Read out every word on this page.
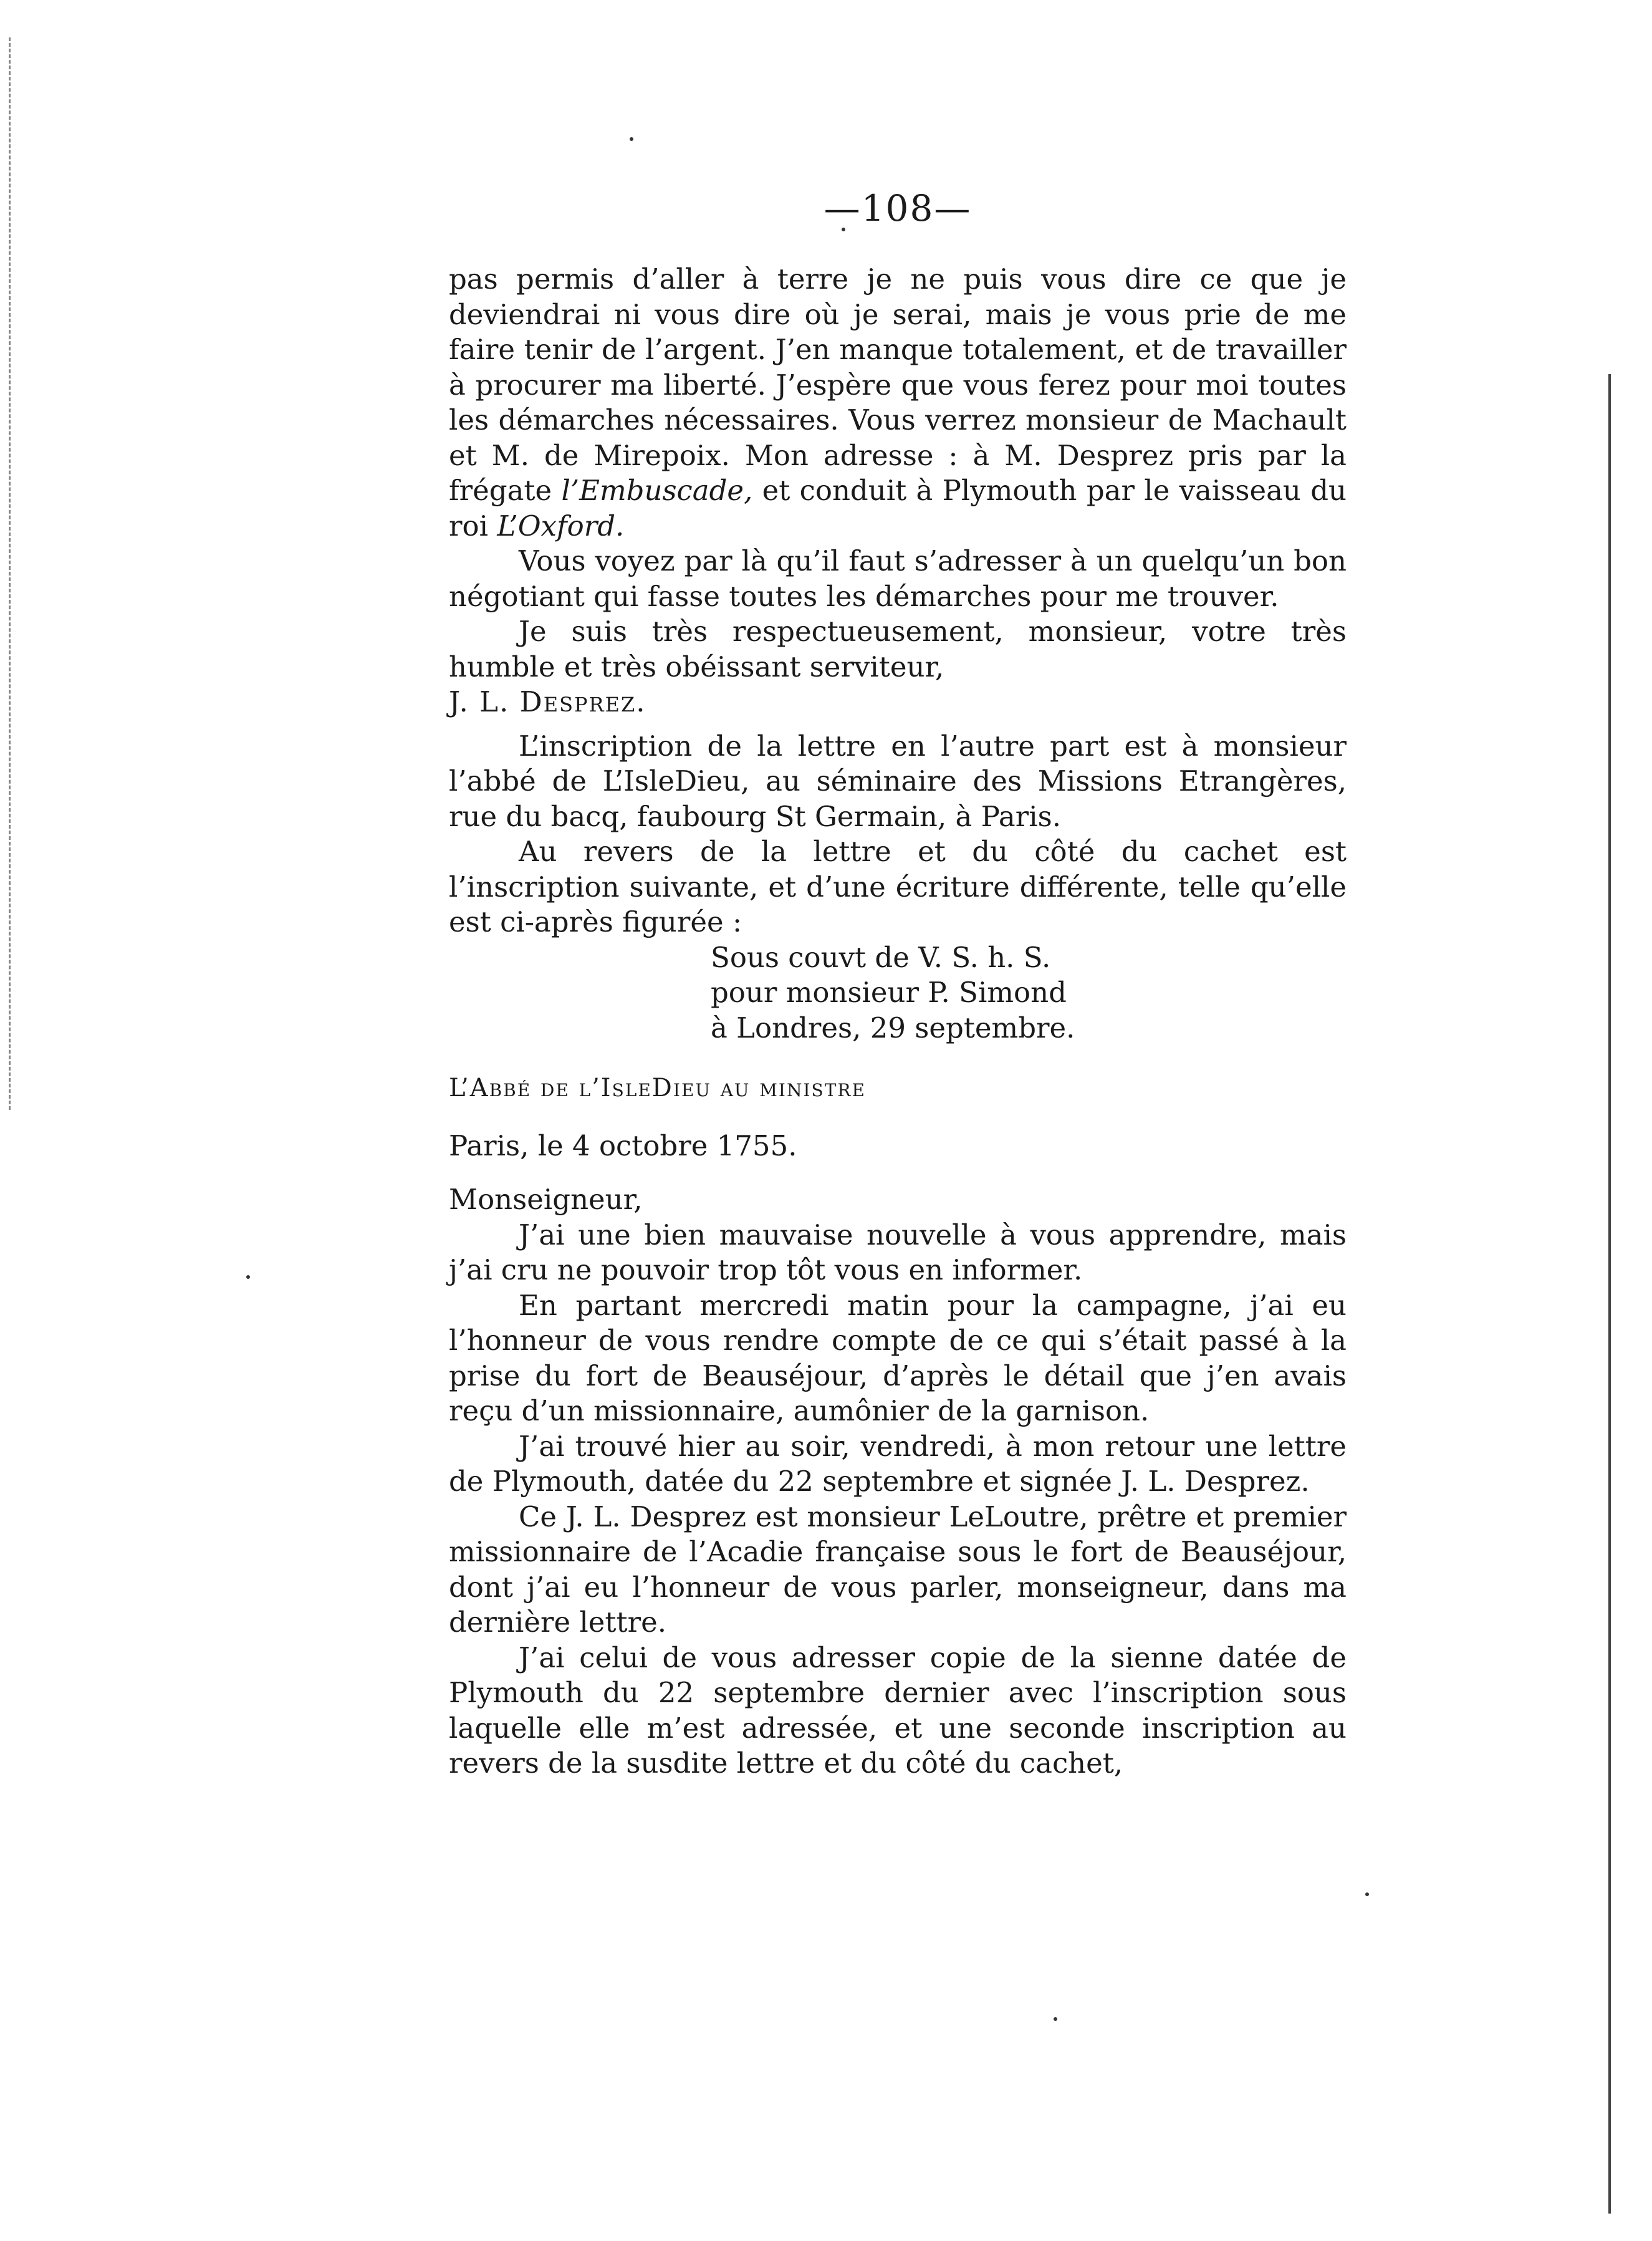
—108—

pas permis d’aller à terre je ne puis vous dire ce que je deviendrai ni vous dire où je serai, mais je vous prie de me faire tenir de l’argent. J’en manque totalement, et de travailler à procurer ma liberté. J’espère que vous ferez pour moi toutes les démarches nécessaires. Vous verrez monsieur de Machault et M. de Mirepoix. Mon adresse : à M. Desprez pris par la frégate l’Embuscade, et conduit à Plymouth par le vaisseau du roi L’Oxford.

Vous voyez par là qu’il faut s’adresser à un quelqu’un bon négotiant qui fasse toutes les démarches pour me trouver.

Je suis très respectueusement, monsieur, votre très humble et très obéissant serviteur,

J. L. Desprez.

L’inscription de la lettre en l’autre part est à monsieur l’abbé de L’IsleDieu, au séminaire des Missions Etrangères, rue du bacq, faubourg St Germain, à Paris.

Au revers de la lettre et du côté du cachet est l’inscription suivante, et d’une écriture différente, telle qu’elle est ci-après figurée :

Sous couvt de V. S. h. S.

pour monsieur P. Simond

à Londres, 29 septembre.

L’Abbé de l’IsleDieu au ministre

Paris, le 4 octobre 1755.

Monseigneur,

J’ai une bien mauvaise nouvelle à vous apprendre, mais j’ai cru ne pouvoir trop tôt vous en informer.

En partant mercredi matin pour la campagne, j’ai eu l’honneur de vous rendre compte de ce qui s’était passé à la prise du fort de Beauséjour, d’après le détail que j’en avais reçu d’un missionnaire, aumônier de la garnison.

J’ai trouvé hier au soir, vendredi, à mon retour une lettre de Plymouth, datée du 22 septembre et signée J. L. Desprez.

Ce J. L. Desprez est monsieur LeLoutre, prêtre et premier missionnaire de l’Acadie française sous le fort de Beauséjour, dont j’ai eu l’honneur de vous parler, monseigneur, dans ma dernière lettre.

J’ai celui de vous adresser copie de la sienne datée de Plymouth du 22 septembre dernier avec l’inscription sous laquelle elle m’est adressée, et une seconde inscription au revers de la susdite lettre et du côté du cachet,
